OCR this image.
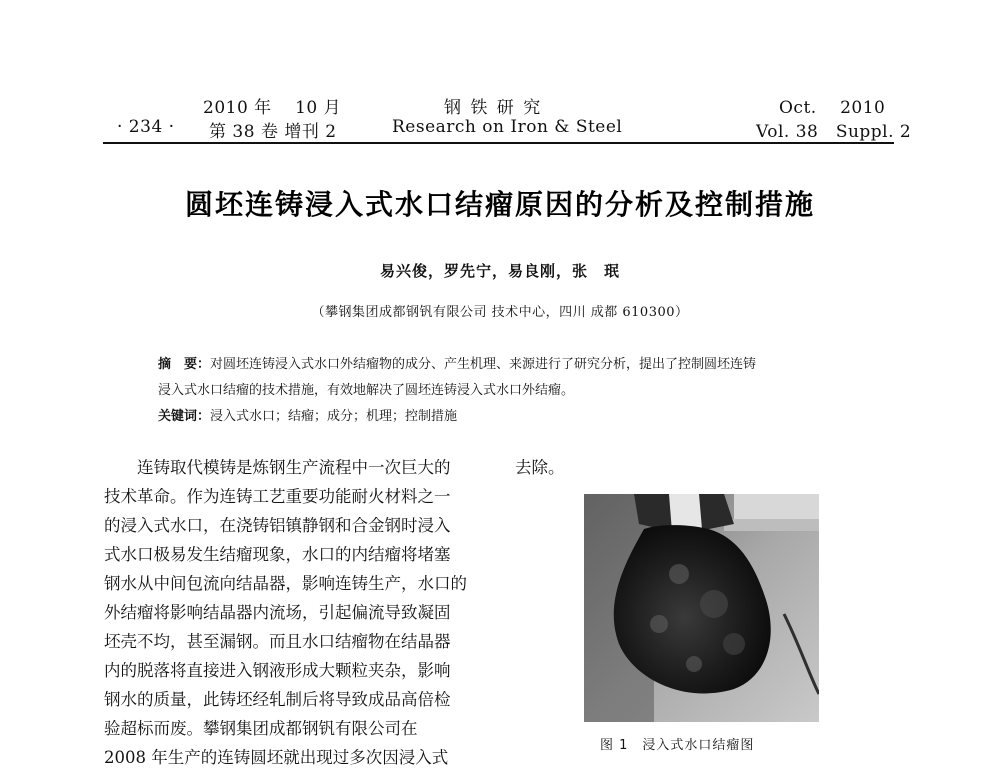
2010 年　 10 月	钢 铁 研 究	Oct.　 2010
· 234 · 第 38 卷 增刊 2	Research on Iron & Steel	Vol. 38　Suppl. 2
圆坯连铸浸入式水口结瘤原因的分析及控制措施
易兴俊，罗先宁，易良刚，张　珉
（攀钢集团成都钢钒有限公司 技术中心，四川 成都 610300）
摘　要：对圆坯连铸浸入式水口外结瘤物的成分、产生机理、来源进行了研究分析，提出了控制圆坯连铸
浸入式水口结瘤的技术措施，有效地解决了圆坯连铸浸入式水口外结瘤。
关键词：浸入式水口；结瘤；成分；机理；控制措施
　　连铸取代模铸是炼钢生产流程中一次巨大的
技术革命。作为连铸工艺重要功能耐火材料之一
的浸入式水口，在浇铸铝镇静钢和合金钢时浸入
式水口极易发生结瘤现象，水口的内结瘤将堵塞
钢水从中间包流向结晶器，影响连铸生产，水口的
外结瘤将影响结晶器内流场，引起偏流导致凝固
坯壳不均，甚至漏钢。而且水口结瘤物在结晶器
内的脱落将直接进入钢液形成大颗粒夹杂，影响
钢水的质量，此铸坯经轧制后将导致成品高倍检
验超标而废。攀钢集团成都钢钒有限公司在
2008 年生产的连铸圆坯就出现过多次因浸入式
去除。
图 1　浸入式水口结瘤图
